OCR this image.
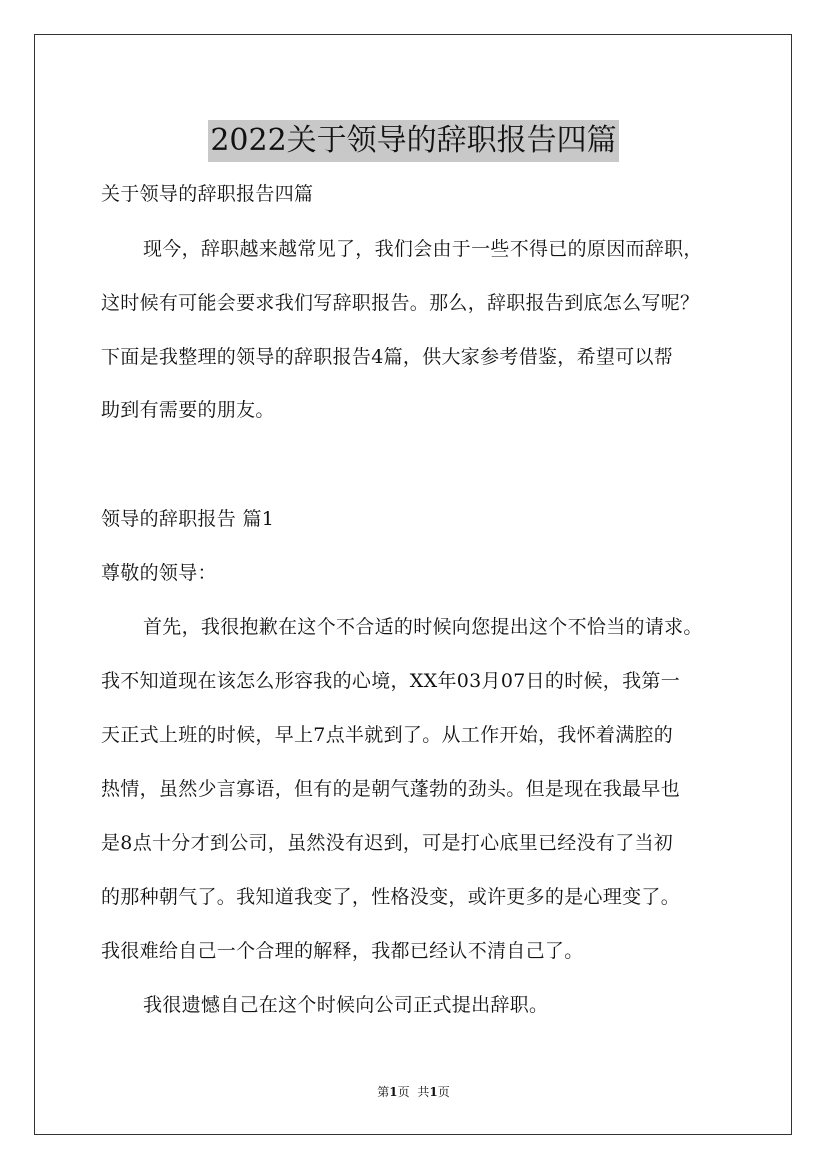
2022关于领导的辞职报告四篇
关于领导的辞职报告四篇
现今，辞职越来越常见了，我们会由于一些不得已的原因而辞职，
这时候有可能会要求我们写辞职报告。那么，辞职报告到底怎么写呢？
下面是我整理的领导的辞职报告4篇，供大家参考借鉴，希望可以帮
助到有需要的朋友。
领导的辞职报告 篇1
尊敬的领导：
首先，我很抱歉在这个不合适的时候向您提出这个不恰当的请求。
我不知道现在该怎么形容我的心境，XX年03月07日的时候，我第一
天正式上班的时候，早上7点半就到了。从工作开始，我怀着满腔的
热情，虽然少言寡语，但有的是朝气蓬勃的劲头。但是现在我最早也
是8点十分才到公司，虽然没有迟到，可是打心底里已经没有了当初
的那种朝气了。我知道我变了，性格没变，或许更多的是心理变了。
我很难给自己一个合理的解释，我都已经认不清自己了。
我很遗憾自己在这个时候向公司正式提出辞职。
第1页 共1页
